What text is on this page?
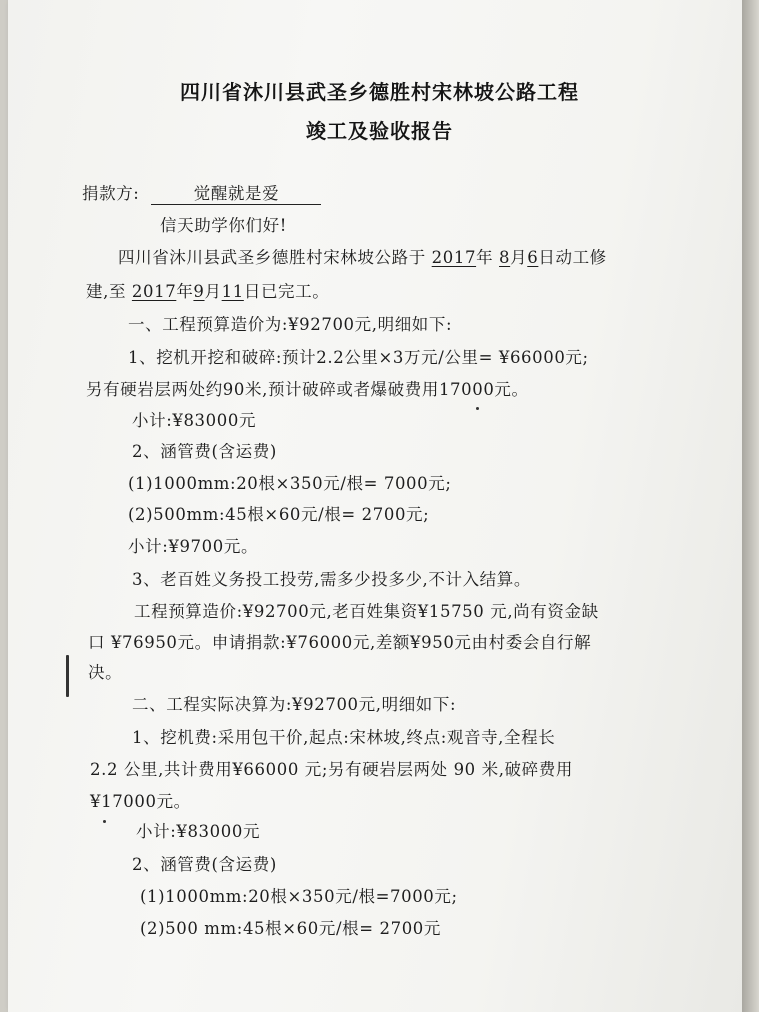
四川省沐川县武圣乡德胜村宋林坡公路工程
竣工及验收报告
捐款方:	觉醒就是爱
信天助学你们好!
四川省沐川县武圣乡德胜村宋林坡公路于 2017年 8月6日动工修
建,至 2017年9月11日已完工。
一、工程预算造价为:¥92700元,明细如下:
1、挖机开挖和破碎:预计2.2公里×3万元/公里= ¥66000元;
另有硬岩层两处约90米,预计破碎或者爆破费用17000元。
小计:¥83000元
2、涵管费(含运费)
(1)1000mm:20根×350元/根= 7000元;
(2)500mm:45根×60元/根= 2700元;
小计:¥9700元。
3、老百姓义务投工投劳,需多少投多少,不计入结算。
工程预算造价:¥92700元,老百姓集资¥15750 元,尚有资金缺
口 ¥76950元。申请捐款:¥76000元,差额¥950元由村委会自行解
决。
二、工程实际决算为:¥92700元,明细如下:
1、挖机费:采用包干价,起点:宋林坡,终点:观音寺,全程长
2.2 公里,共计费用¥66000 元;另有硬岩层两处 90 米,破碎费用
¥17000元。
小计:¥83000元
2、涵管费(含运费)
(1)1000mm:20根×350元/根=7000元;
(2)500 mm:45根×60元/根= 2700元
